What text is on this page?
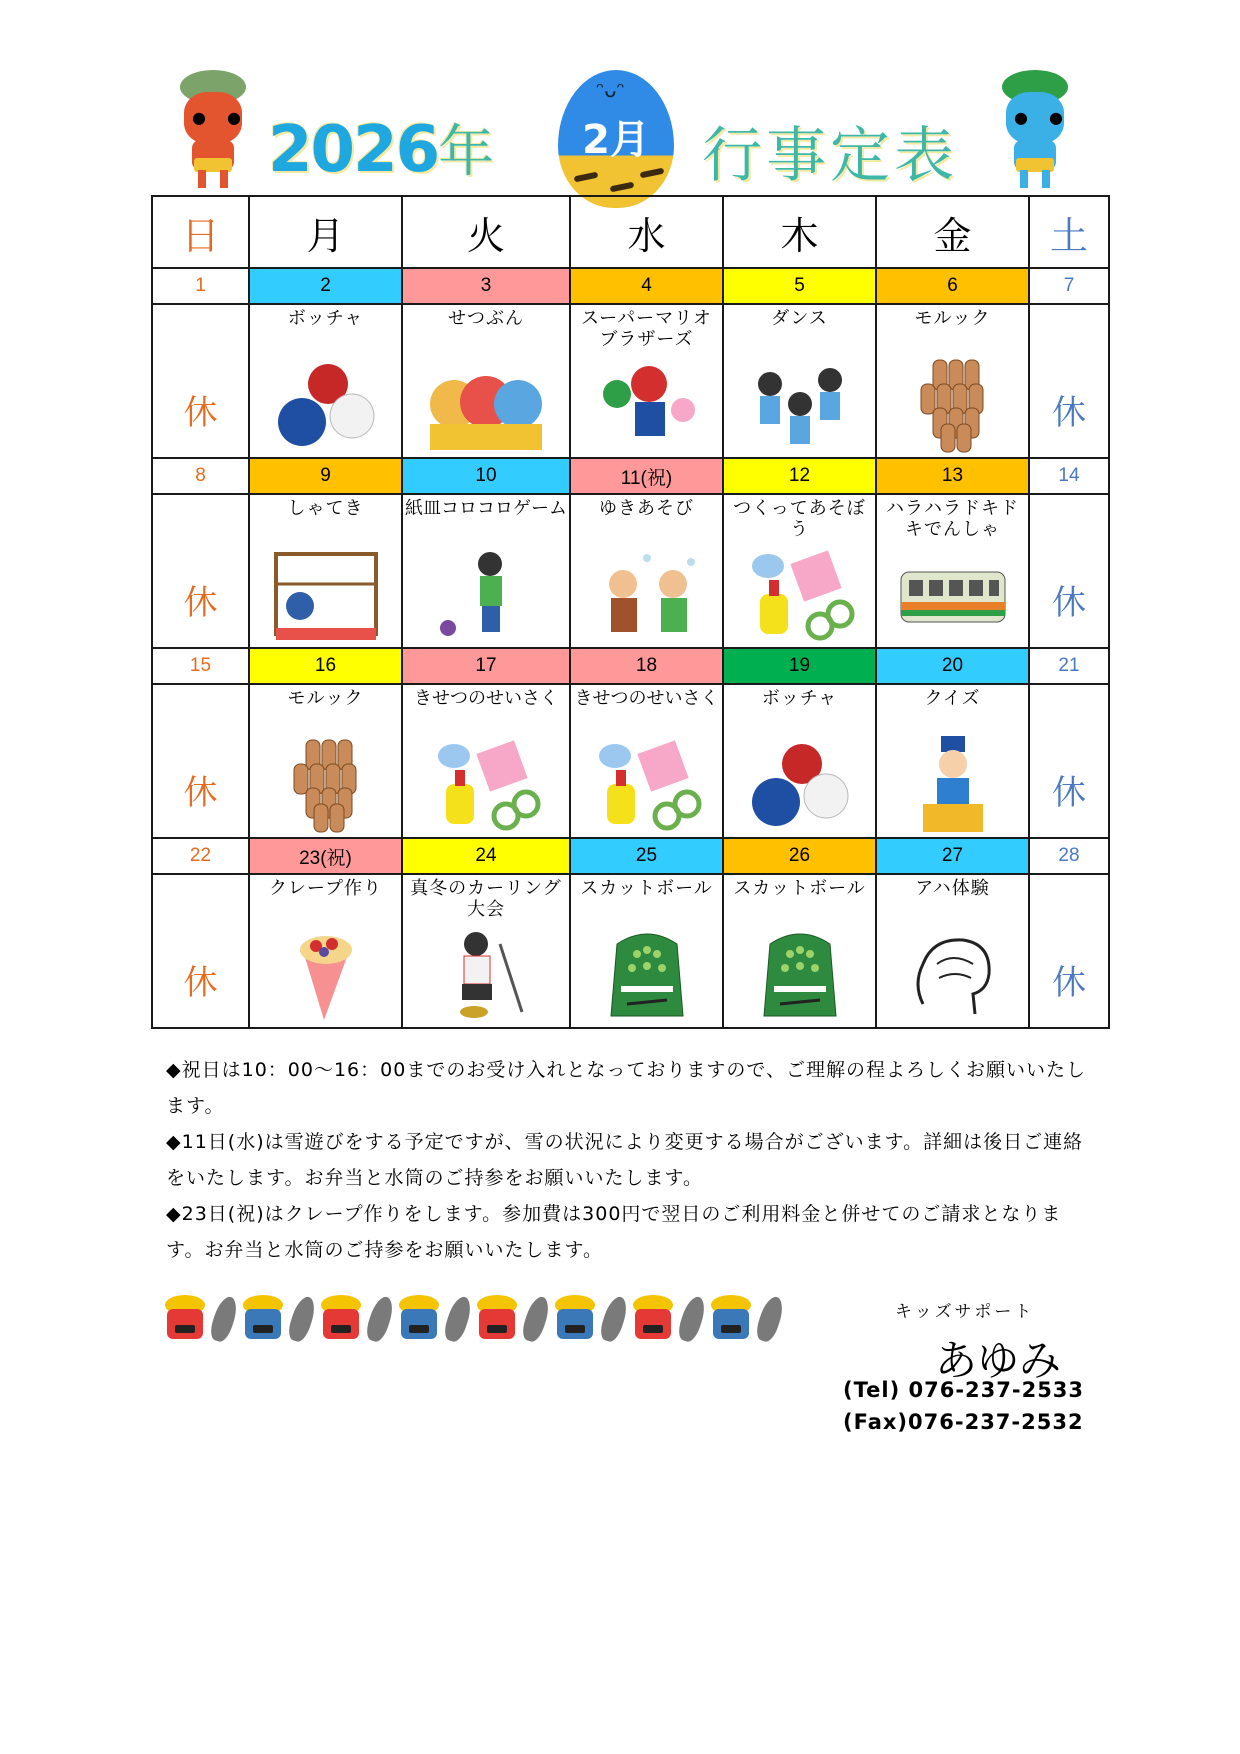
● ● 2026年
ᵔᴗᵔ
2月 行事定表
● ●
日	月	火	水	木	金	土
1	2	3	4	5	6	7

休	ボッチャ	せつぶん	スーパーマリオブラザーズ	ダンス	モルック	休

8	9	10	11(祝)	12	13	14

休	しゃてき	紙皿コロコロゲーム	ゆきあそび	つくってあそぼう	ハラハラドキドキでんしゃ	休

15	16	17	18	19	20	21

休	モルック	きせつのせいさく	きせつのせいさく	ボッチャ	クイズ	休

22	23(祝)	24	25	26	27	28

休	クレープ作り	真冬のカーリング大会	スカットボール	スカットボール	アハ体験	休

◆祝日は10：00～16：00までのお受け入れとなっておりますので、ご理解の程よろしくお願いいたします。

◆11日(水)は雪遊びをする予定ですが、雪の状況により変更する場合がございます。詳細は後日ご連絡をいたします。お弁当と水筒のご持参をお願いいたします。

◆23日(祝)はクレープ作りをします。参加費は300円で翌日のご利用料金と併せてのご請求となります。お弁当と水筒のご持参をお願いいたします。

キッズサポート
あゆみ
(Tel) 076-237-2533
(Fax)076-237-2532
